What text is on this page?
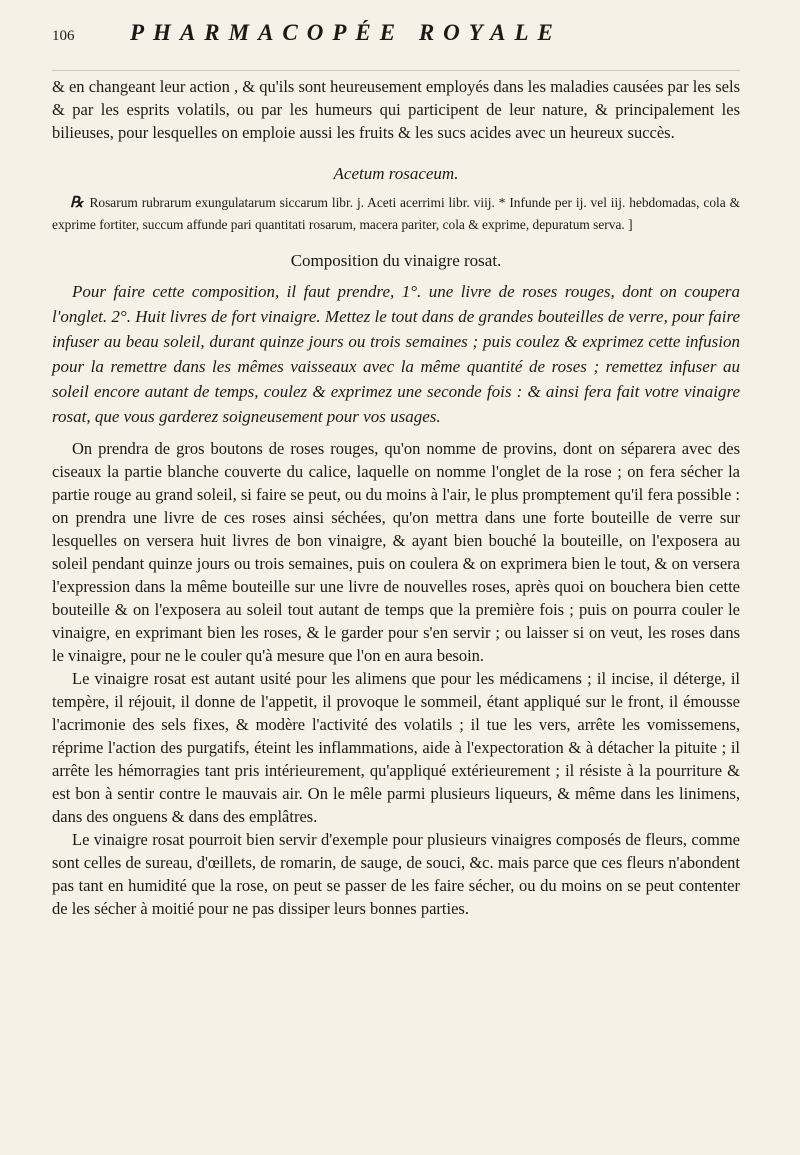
106	PHARMACOPÉE ROYALE

& en changeant leur action , & qu'ils sont heureusement employés dans les maladies causées par les sels & par les esprits volatils, ou par les humeurs qui participent de leur nature, & principalement les bilieuses, pour lesquelles on emploie aussi les fruits & les sucs acides avec un heureux succès.

Acetum rosaceum.

℞ Rosarum rubrarum exungulatarum siccarum libr. j. Aceti acerrimi libr. viij. * Infunde per ij. vel iij. hebdomadas, cola & exprime fortiter, succum affunde pari quantitati rosarum, macera pariter, cola & exprime, depuratum serva. ]

Composition du vinaigre rosat.

Pour faire cette composition, il faut prendre, 1°. une livre de roses rouges, dont on coupera l'onglet. 2°. Huit livres de fort vinaigre. Mettez le tout dans de grandes bouteilles de verre, pour faire infuser au beau soleil, durant quinze jours ou trois semaines ; puis coulez & exprimez cette infusion pour la remettre dans les mêmes vaisseaux avec la même quantité de roses ; remettez infuser au soleil encore autant de temps, coulez & exprimez une seconde fois : & ainsi fera fait votre vinaigre rosat, que vous garderez soigneusement pour vos usages.

On prendra de gros boutons de roses rouges, qu'on nomme de provins, dont on séparera avec des ciseaux la partie blanche couverte du calice, laquelle on nomme l'onglet de la rose ; on fera sécher la partie rouge au grand soleil, si faire se peut, ou du moins à l'air, le plus promptement qu'il fera possible : on prendra une livre de ces roses ainsi séchées, qu'on mettra dans une forte bouteille de verre sur lesquelles on versera huit livres de bon vinaigre, & ayant bien bouché la bouteille, on l'exposera au soleil pendant quinze jours ou trois semaines, puis on coulera & on exprimera bien le tout, & on versera l'expression dans la même bouteille sur une livre de nouvelles roses, après quoi on bouchera bien cette bouteille & on l'exposera au soleil tout autant de temps que la première fois ; puis on pourra couler le vinaigre, en exprimant bien les roses, & le garder pour s'en servir ; ou laisser si on veut, les roses dans le vinaigre, pour ne le couler qu'à mesure que l'on en aura besoin.

Le vinaigre rosat est autant usité pour les alimens que pour les médicamens ; il incise, il déterge, il tempère, il réjouit, il donne de l'appetit, il provoque le sommeil, étant appliqué sur le front, il émousse l'acrimonie des sels fixes, & modère l'activité des volatils ; il tue les vers, arrête les vomissemens, réprime l'action des purgatifs, éteint les inflammations, aide à l'expectoration & à détacher la pituite ; il arrête les hémorragies tant pris intérieurement, qu'appliqué extérieurement ; il résiste à la pourriture & est bon à sentir contre le mauvais air. On le mêle parmi plusieurs liqueurs, & même dans les linimens, dans des onguens & dans des emplâtres.

Le vinaigre rosat pourroit bien servir d'exemple pour plusieurs vinaigres composés de fleurs, comme sont celles de sureau, d'œillets, de romarin, de sauge, de souci, &c. mais parce que ces fleurs n'abondent pas tant en humidité que la rose, on peut se passer de les faire sécher, ou du moins on se peut contenter de les sécher à moitié pour ne pas dissiper leurs bonnes parties.
